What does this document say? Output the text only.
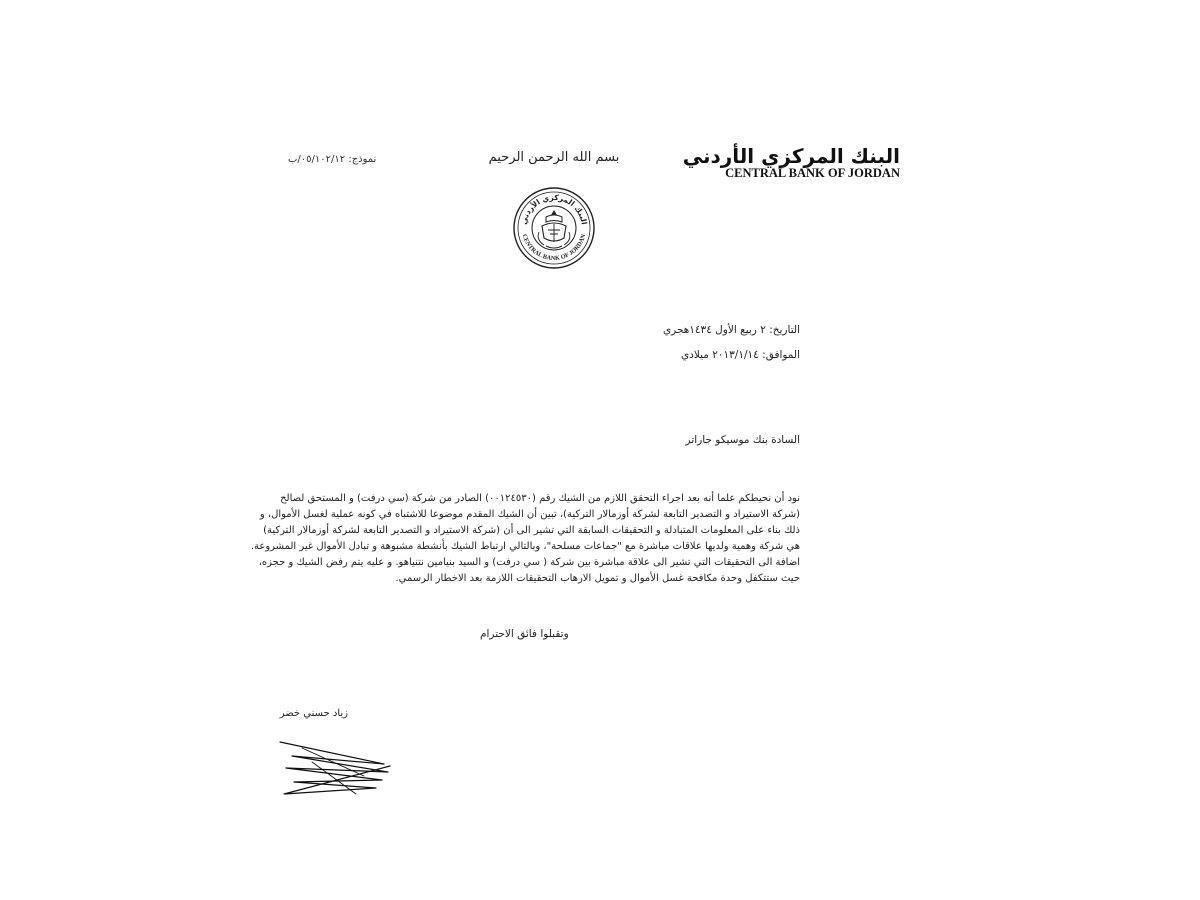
البنك المركزي الأردني
CENTRAL BANK OF JORDAN
بسم الله الرحمن الرحيم
نموذج: ٠٥/١٠٢/١٢/ب
البنك المركزي الأردني
CENTRAL BANK OF JORDAN
التاريخ: ٢ ربيع الأول ١٤٣٤هجري
الموافق: ٢٠١٣/١/١٤ ميلادي
السادة بنك موسيكو جاراتر
نود أن نحيطكم علما أنه بعد اجراء التحقق اللازم من الشيك رقم (٠٠١٢٤٥٣٠) الصادر من شركة (سي درفت) و المستحق لصالح
(شركة الاستيراد و التصدير التابعة لشركة أوزمالار التركية)، تبين أن الشيك المقدم موضوعا للاشتباه في كونه عملية لغسل الأموال، و
ذلك بناء على المعلومات المتبادلة و التحقيقات السابقة التي تشير الى أن (شركة الاستيراد و التصدير التابعة لشركة أوزمالار التركية)
هي شركة وهمية ولديها علاقات مباشرة مع "جماعات مسلحة"، وبالتالي ارتباط الشيك بأنشطة مشبوهة و تبادل الأموال غير المشروعة.
اضافة الى التحقيقات التي تشير الى علاقة مباشرة بين شركة ( سي درفت) و السيد بنيامين نتنياهو. و عليه يتم رفض الشيك و حجزه،
حيث ستتكفل وحدة مكافحة غسل الأموال و تمويل الارهاب التحقيقات اللازمة بعد الاخطار الرسمي.
وتقبلوا فائق الاحترام
زياد حسني خضر
